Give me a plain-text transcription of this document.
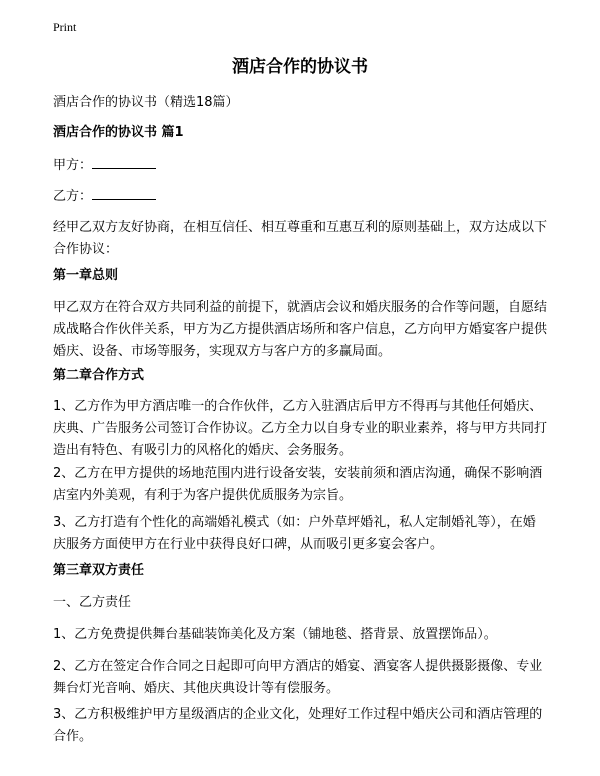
Print
酒店合作的协议书

酒店合作的协议书（精选18篇）

酒店合作的协议书 篇1

甲方：

乙方：

经甲乙双方友好协商，在相互信任、相互尊重和互惠互利的原则基础上，双方达成以下合作协议：

第一章总则

甲乙双方在符合双方共同利益的前提下，就酒店会议和婚庆服务的合作等问题，自愿结成战略合作伙伴关系，甲方为乙方提供酒店场所和客户信息，乙方向甲方婚宴客户提供婚庆、设备、市场等服务，实现双方与客户方的多赢局面。

第二章合作方式

1、乙方作为甲方酒店唯一的合作伙伴，乙方入驻酒店后甲方不得再与其他任何婚庆、庆典、广告服务公司签订合作协议。乙方全力以自身专业的职业素养，将与甲方共同打造出有特色、有吸引力的风格化的婚庆、会务服务。

2、乙方在甲方提供的场地范围内进行设备安装，安装前须和酒店沟通，确保不影响酒店室内外美观，有利于为客户提供优质服务为宗旨。

3、乙方打造有个性化的高端婚礼模式（如：户外草坪婚礼，私人定制婚礼等），在婚庆服务方面使甲方在行业中获得良好口碑，从而吸引更多宴会客户。

第三章双方责任

一、乙方责任

1、乙方免费提供舞台基础装饰美化及方案（铺地毯、搭背景、放置摆饰品）。

2、乙方在签定合作合同之日起即可向甲方酒店的婚宴、酒宴客人提供摄影摄像、专业舞台灯光音响、婚庆、其他庆典设计等有偿服务。

3、乙方积极维护甲方星级酒店的企业文化，处理好工作过程中婚庆公司和酒店管理的合作。
